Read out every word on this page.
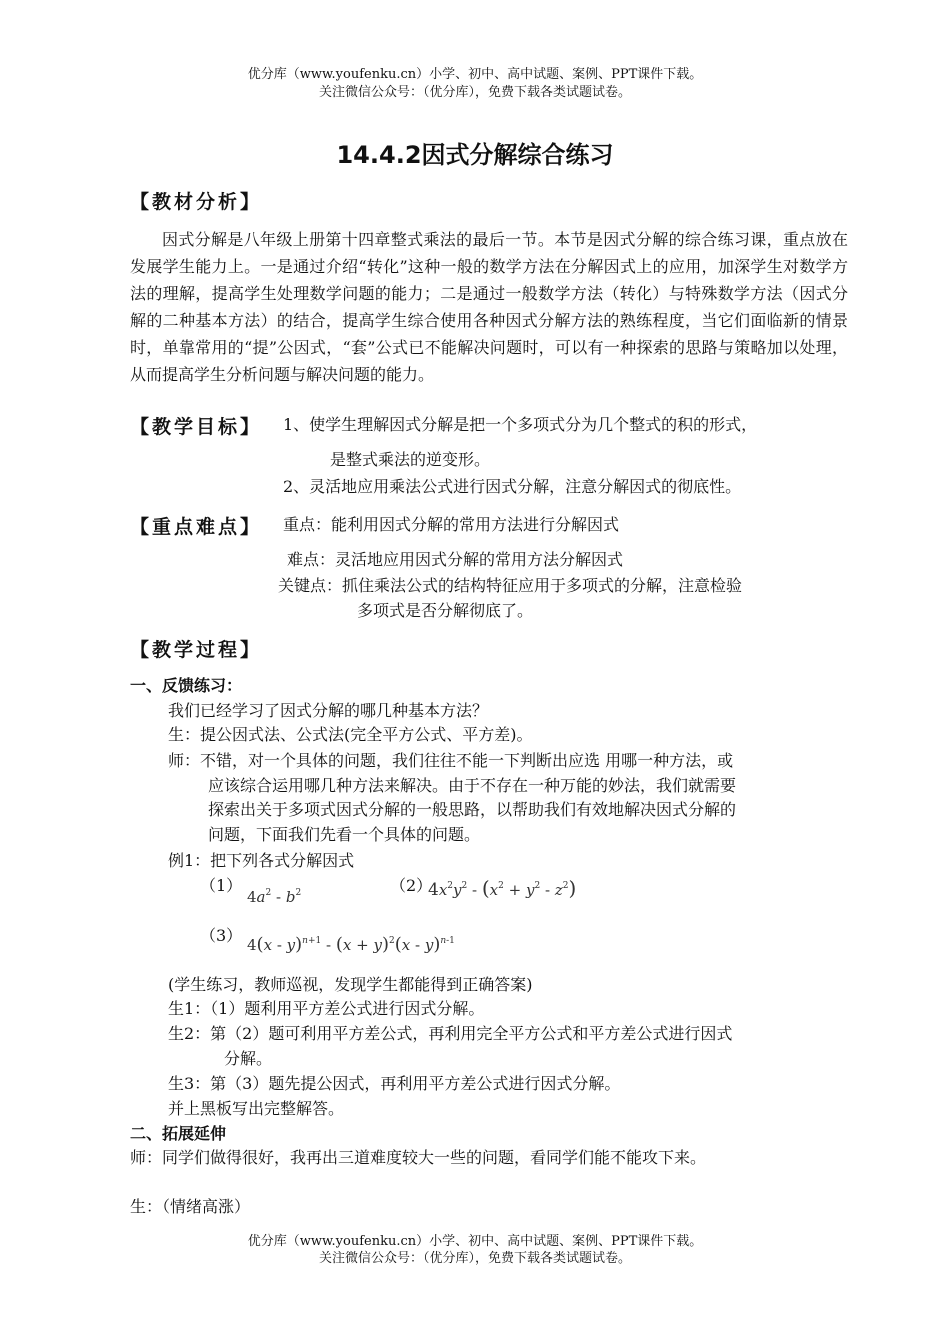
优分库（www.youfenku.cn）小学、初中、高中试题、案例、PPT课件下载。
关注微信公众号：（优分库），免费下载各类试题试卷。
14.4.2因式分解综合练习
【教材分析】
因式分解是八年级上册第十四章整式乘法的最后一节。本节是因式分解的综合练习课，重点放在发展学生能力上。一是通过介绍“转化”这种一般的数学方法在分解因式上的应用，加深学生对数学方法的理解，提高学生处理数学问题的能力；二是通过一般数学方法（转化）与特殊数学方法（因式分解的二种基本方法）的结合，提高学生综合使用各种因式分解方法的熟练程度，当它们面临新的情景时，单靠常用的“提”公因式，“套”公式已不能解决问题时，可以有一种探索的思路与策略加以处理，从而提高学生分析问题与解决问题的能力。
【教学目标】 1、使学生理解因式分解是把一个多项式分为几个整式的积的形式，
是整式乘法的逆变形。
2、灵活地应用乘法公式进行因式分解，注意分解因式的彻底性。
【重点难点】 重点：能利用因式分解的常用方法进行分解因式
难点：灵活地应用因式分解的常用方法分解因式
关键点：抓住乘法公式的结构特征应用于多项式的分解，注意检验
多项式是否分解彻底了。
【教学过程】
一、反馈练习：
我们已经学习了因式分解的哪几种基本方法？
生：提公因式法、公式法(完全平方公式、平方差)。
师：不错，对一个具体的问题，我们往往不能一下判断出应选 用哪一种方法，或
应该综合运用哪几种方法来解决。由于不存在一种万能的妙法，我们就需要
探索出关于多项式因式分解的一般思路，以帮助我们有效地解决因式分解的
问题，下面我们先看一个具体的问题。
例1：把下列各式分解因式
（1）
$4a^2 - b^2$	（2）
$4x^2y^2 - (x^2 + y^2 - z^2)$
（3） $4(x - y)^{n+1} - (x + y)^2(x - y)^{n-1}$
(学生练习，教师巡视，发现学生都能得到正确答案)
生1：（1）题利用平方差公式进行因式分解。
生2：第（2）题可利用平方差公式，再利用完全平方公式和平方差公式进行因式
分解。
生3：第（3）题先提公因式，再利用平方差公式进行因式分解。
并上黑板写出完整解答。
二、拓展延伸
师：同学们做得很好，我再出三道难度较大一些的问题，看同学们能不能攻下来。
生：（情绪高涨）
优分库（www.youfenku.cn）小学、初中、高中试题、案例、PPT课件下载。
关注微信公众号：（优分库），免费下载各类试题试卷。
